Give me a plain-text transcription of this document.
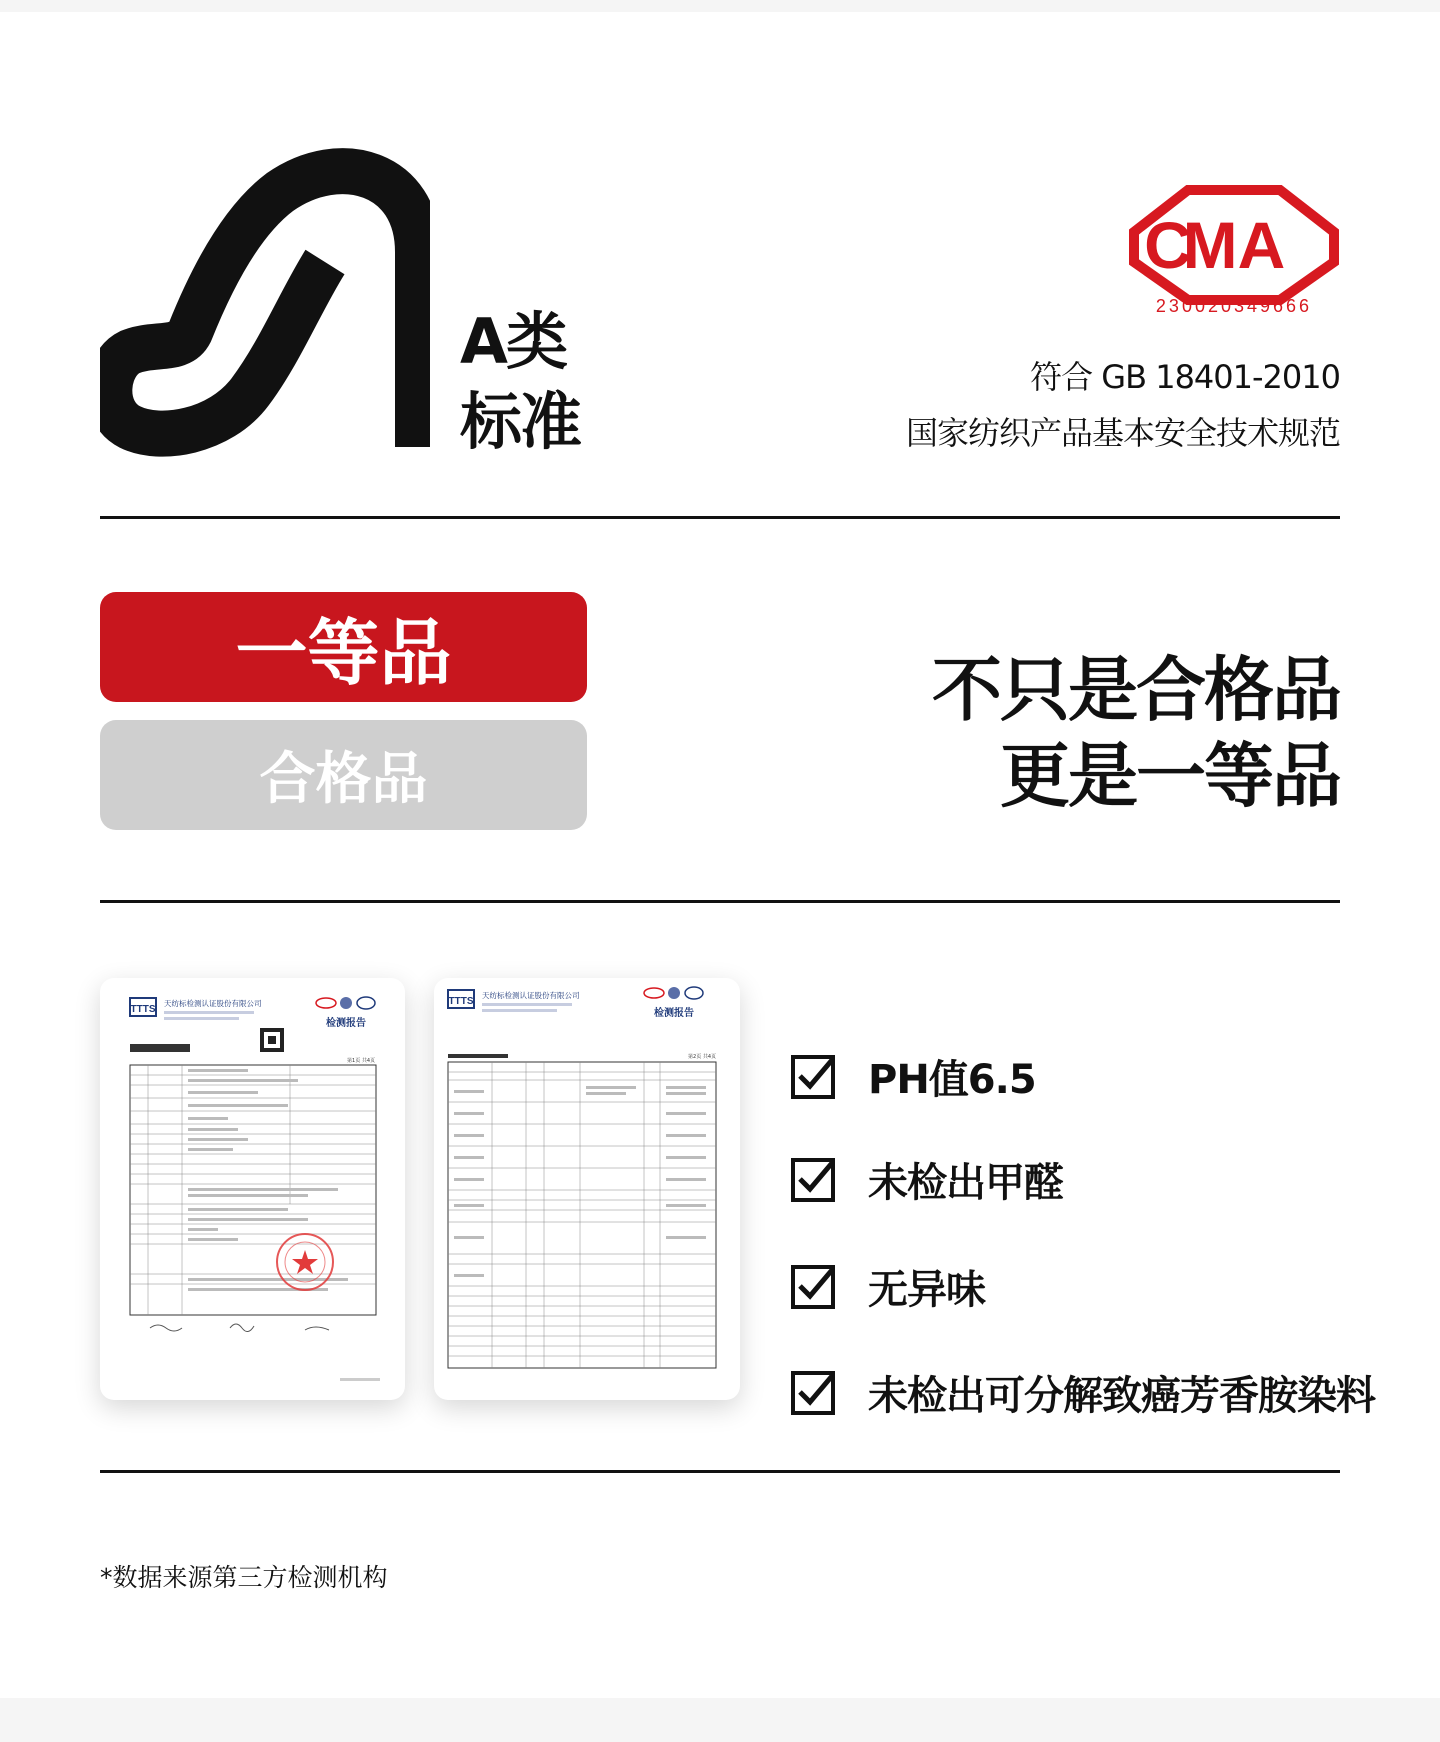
A类
标准
MA
C
230020349666
符合 GB 18401-2010
国家纺织产品基本安全技术规范
一等品
合格品
不只是合格品
更是一等品
TTTS
天纺标检测认证股份有限公司
检测报告
第1页 共4页
TTTS
天纺标检测认证股份有限公司
检测报告
第2页 共4页	PH值6.5
未检出甲醛
无异味
未检出可分解致癌芳香胺染料
*数据来源第三方检测机构
